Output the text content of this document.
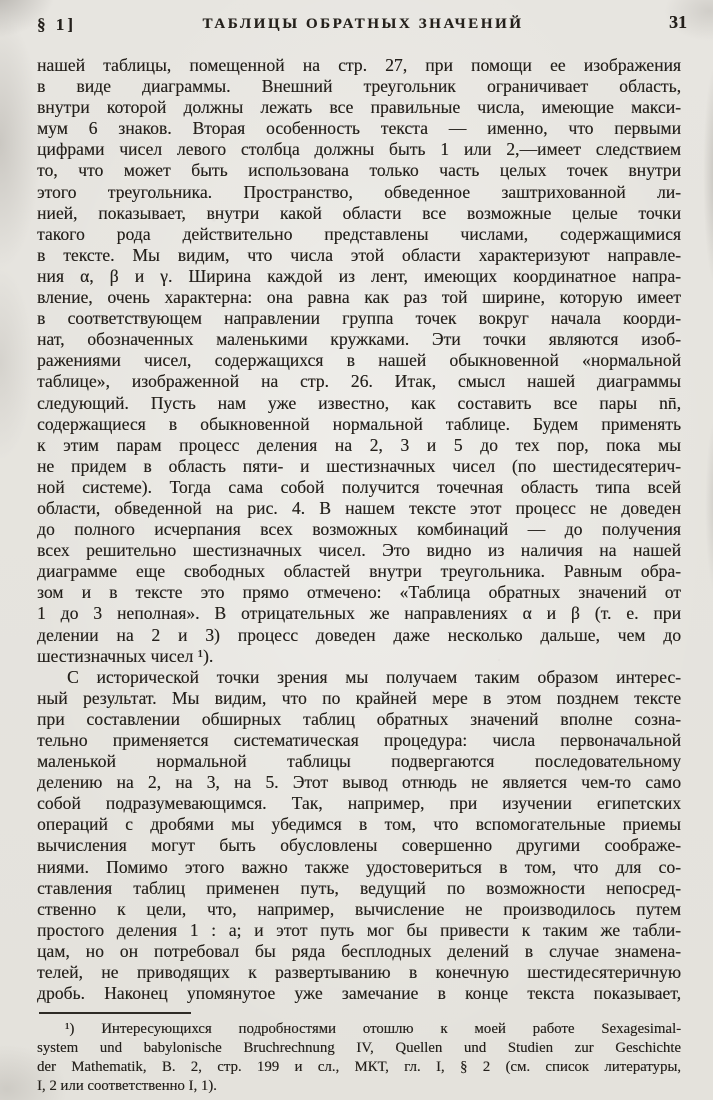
§ 1]	ТАБЛИЦЫ ОБРАТНЫХ ЗНАЧЕНИЙ	31
нашей таблицы, помещенной на стр. 27, при помощи ее изображения
в виде диаграммы. Внешний треугольник ограничивает область,
внутри которой должны лежать все правильные числа, имеющие макси-
мум 6 знаков. Вторая особенность текста — именно, что первыми
цифрами чисел левого столбца должны быть 1 или 2,—имеет следствием
то, что может быть использована только часть целых точек внутри
этого треугольника. Пространство, обведенное заштрихованной ли-
нией, показывает, внутри какой области все возможные целые точки
такого рода действительно представлены числами, содержащимися
в тексте. Мы видим, что числа этой области характеризуют направле-
ния α, β и γ. Ширина каждой из лент, имеющих координатное напра-
вление, очень характерна: она равна как раз той ширине, которую имеет
в соответствующем направлении группа точек вокруг начала коорди-
нат, обозначенных маленькими кружками. Эти точки являются изоб-
ражениями чисел, содержащихся в нашей обыкновенной «нормальной
таблице», изображенной на стр. 26. Итак, смысл нашей диаграммы
следующий. Пусть нам уже известно, как составить все пары nn̄,
содержащиеся в обыкновенной нормальной таблице. Будем применять
к этим парам процесс деления на 2, 3 и 5 до тех пор, пока мы
не придем в область пяти- и шестизначных чисел (по шестидесятерич-
ной системе). Тогда сама собой получится точечная область типа всей
области, обведенной на рис. 4. В нашем тексте этот процесс не доведен
до полного исчерпания всех возможных комбинаций — до получения
всех решительно шестизначных чисел. Это видно из наличия на нашей
диаграмме еще свободных областей внутри треугольника. Равным обра-
зом и в тексте это прямо отмечено: «Таблица обратных значений от
1 до 3 неполная». В отрицательных же направлениях α и β (т. е. при
делении на 2 и 3) процесс доведен даже несколько дальше, чем до
шестизначных чисел ¹).
С исторической точки зрения мы получаем таким образом интерес-
ный результат. Мы видим, что по крайней мере в этом позднем тексте
при составлении обширных таблиц обратных значений вполне созна-
тельно применяется систематическая процедура: числа первоначальной
маленькой нормальной таблицы подвергаются последовательному
делению на 2, на 3, на 5. Этот вывод отнюдь не является чем-то само
собой подразумевающимся. Так, например, при изучении египетских
операций с дробями мы убедимся в том, что вспомогательные приемы
вычисления могут быть обусловлены совершенно другими соображе-
ниями. Помимо этого важно также удостовериться в том, что для со-
ставления таблиц применен путь, ведущий по возможности непосред-
ственно к цели, что, например, вычисление не производилось путем
простого деления 1 : a; и этот путь мог бы привести к таким же табли-
цам, но он потребовал бы ряда бесплодных делений в случае знамена-
телей, не приводящих к развертыванию в конечную шестидесятеричную
дробь. Наконец упомянутое уже замечание в конце текста показывает,
¹) Интересующихся подробностями отошлю к моей работе Sexagesimal-
system und babylonische Bruchrechnung IV, Quellen und Studien zur Geschichte
der Mathematik, B. 2, стр. 199 и сл., МКТ, гл. I, § 2 (см. список литературы,
I, 2 или соответственно I, 1).
